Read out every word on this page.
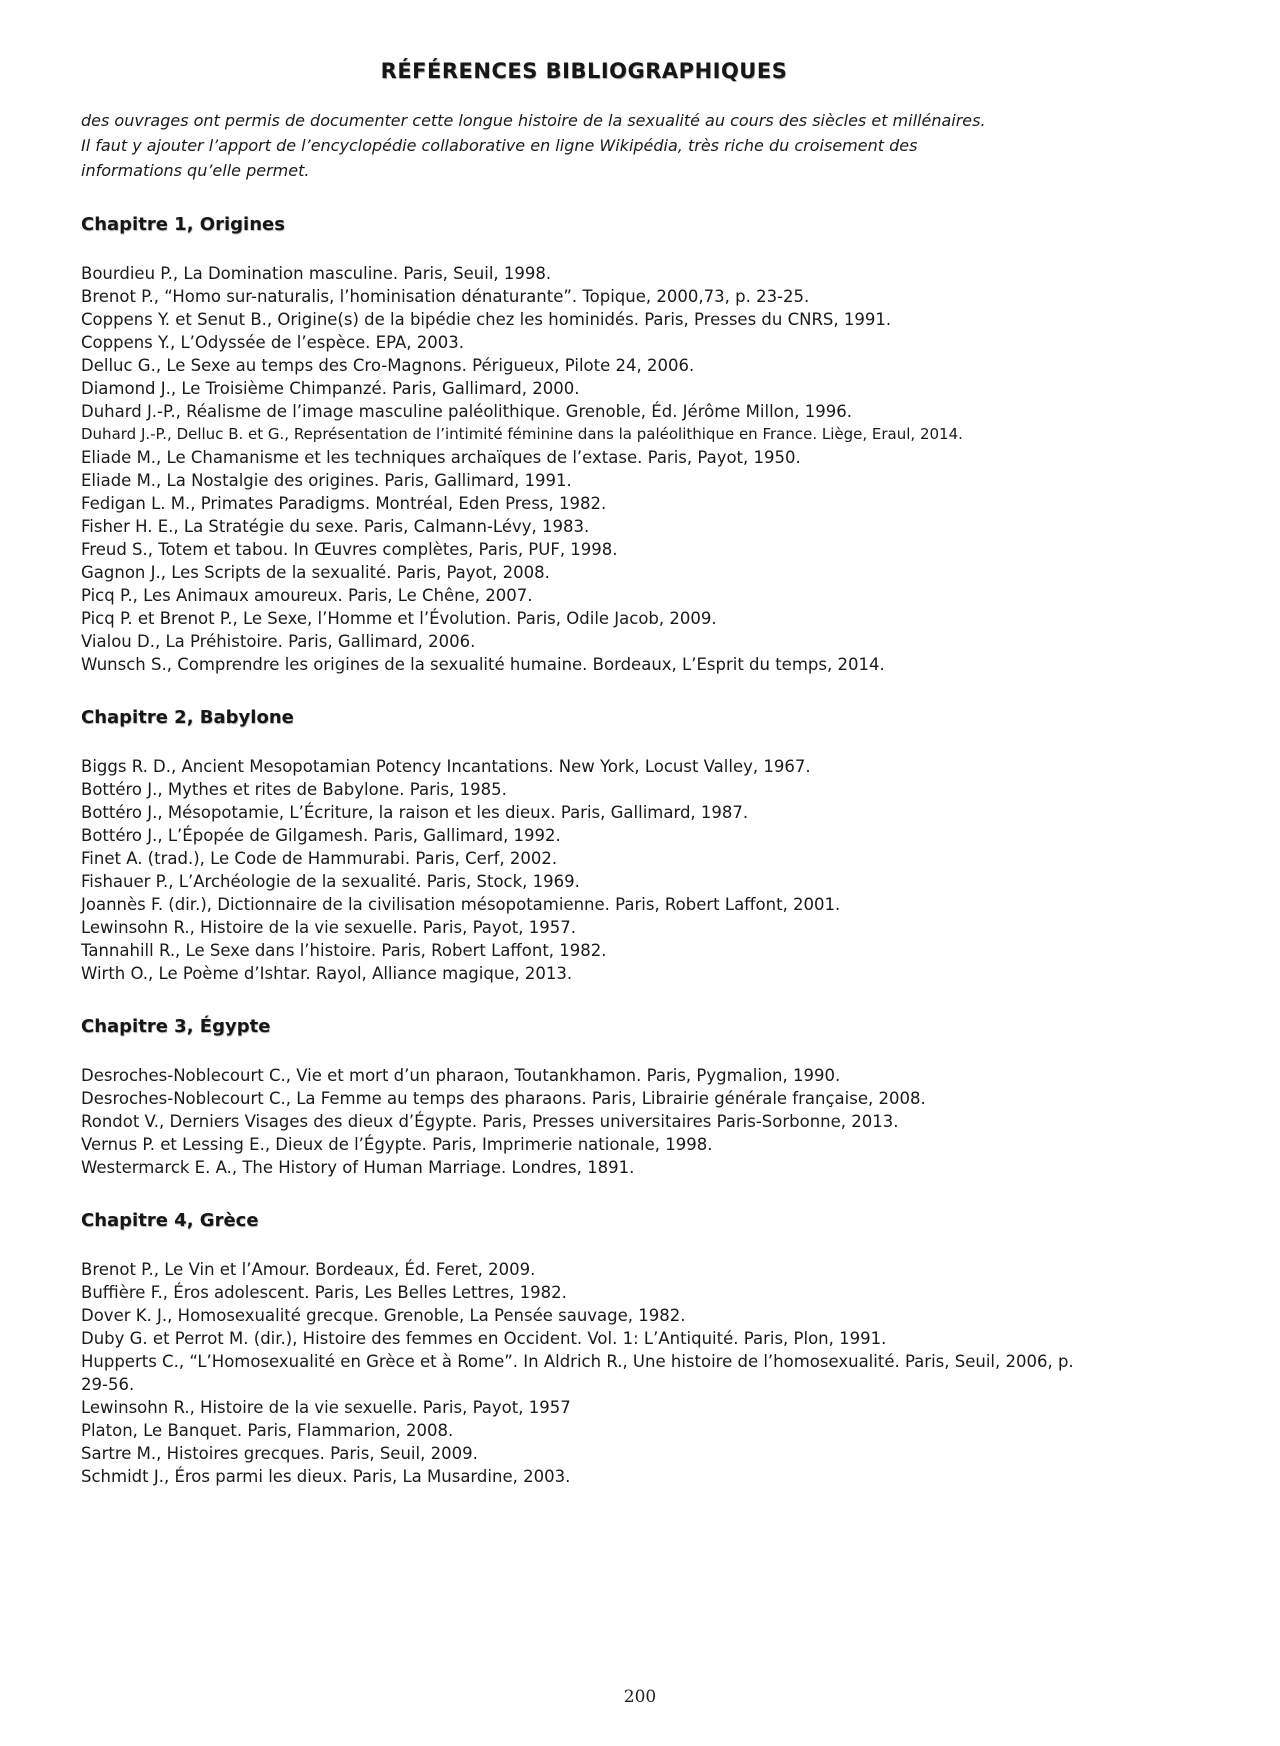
RÉFÉRENCES BIBLIOGRAPHIQUES
des ouvrages ont permis de documenter cette longue histoire de la sexualité au cours des siècles et millénaires.
Il faut y ajouter l’apport de l’encyclopédie collaborative en ligne Wikipédia, très riche du croisement des
informations qu’elle permet.
Chapitre 1, Origines

Bourdieu P., La Domination masculine. Paris, Seuil, 1998.

Brenot P., “Homo sur-naturalis, l’hominisation dénaturante”. Topique, 2000,73, p. 23-25.

Coppens Y. et Senut B., Origine(s) de la bipédie chez les hominidés. Paris, Presses du CNRS, 1991.

Coppens Y., L’Odyssée de l’espèce. EPA, 2003.

Delluc G., Le Sexe au temps des Cro-Magnons. Périgueux, Pilote 24, 2006.

Diamond J., Le Troisième Chimpanzé. Paris, Gallimard, 2000.

Duhard J.-P., Réalisme de l’image masculine paléolithique. Grenoble, Éd. Jérôme Millon, 1996.

Duhard J.-P., Delluc B. et G., Représentation de l’intimité féminine dans la paléolithique en France. Liège, Eraul, 2014.

Eliade M., Le Chamanisme et les techniques archaïques de l’extase. Paris, Payot, 1950.

Eliade M., La Nostalgie des origines. Paris, Gallimard, 1991.

Fedigan L. M., Primates Paradigms. Montréal, Eden Press, 1982.

Fisher H. E., La Stratégie du sexe. Paris, Calmann-Lévy, 1983.

Freud S., Totem et tabou. In Œuvres complètes, Paris, PUF, 1998.

Gagnon J., Les Scripts de la sexualité. Paris, Payot, 2008.

Picq P., Les Animaux amoureux. Paris, Le Chêne, 2007.

Picq P. et Brenot P., Le Sexe, l’Homme et l’Évolution. Paris, Odile Jacob, 2009.

Vialou D., La Préhistoire. Paris, Gallimard, 2006.

Wunsch S., Comprendre les origines de la sexualité humaine. Bordeaux, L’Esprit du temps, 2014.

Chapitre 2, Babylone

Biggs R. D., Ancient Mesopotamian Potency Incantations. New York, Locust Valley, 1967.

Bottéro J., Mythes et rites de Babylone. Paris, 1985.

Bottéro J., Mésopotamie, L’Écriture, la raison et les dieux. Paris, Gallimard, 1987.

Bottéro J., L’Épopée de Gilgamesh. Paris, Gallimard, 1992.

Finet A. (trad.), Le Code de Hammurabi. Paris, Cerf, 2002.

Fishauer P., L’Archéologie de la sexualité. Paris, Stock, 1969.

Joannès F. (dir.), Dictionnaire de la civilisation mésopotamienne. Paris, Robert Laffont, 2001.

Lewinsohn R., Histoire de la vie sexuelle. Paris, Payot, 1957.

Tannahill R., Le Sexe dans l’histoire. Paris, Robert Laffont, 1982.

Wirth O., Le Poème d’Ishtar. Rayol, Alliance magique, 2013.

Chapitre 3, Égypte

Desroches-Noblecourt C., Vie et mort d’un pharaon, Toutankhamon. Paris, Pygmalion, 1990.

Desroches-Noblecourt C., La Femme au temps des pharaons. Paris, Librairie générale française, 2008.

Rondot V., Derniers Visages des dieux d’Égypte. Paris, Presses universitaires Paris-Sorbonne, 2013.

Vernus P. et Lessing E., Dieux de l’Égypte. Paris, Imprimerie nationale, 1998.

Westermarck E. A., The History of Human Marriage. Londres, 1891.

Chapitre 4, Grèce

Brenot P., Le Vin et l’Amour. Bordeaux, Éd. Feret, 2009.

Buffière F., Éros adolescent. Paris, Les Belles Lettres, 1982.

Dover K. J., Homosexualité grecque. Grenoble, La Pensée sauvage, 1982.

Duby G. et Perrot M. (dir.), Histoire des femmes en Occident. Vol. 1: L’Antiquité. Paris, Plon, 1991.

Hupperts C., “L’Homosexualité en Grèce et à Rome”. In Aldrich R., Une histoire de l’homosexualité. Paris, Seuil, 2006, p. 29-56.

Lewinsohn R., Histoire de la vie sexuelle. Paris, Payot, 1957

Platon, Le Banquet. Paris, Flammarion, 2008.

Sartre M., Histoires grecques. Paris, Seuil, 2009.

Schmidt J., Éros parmi les dieux. Paris, La Musardine, 2003.

200
